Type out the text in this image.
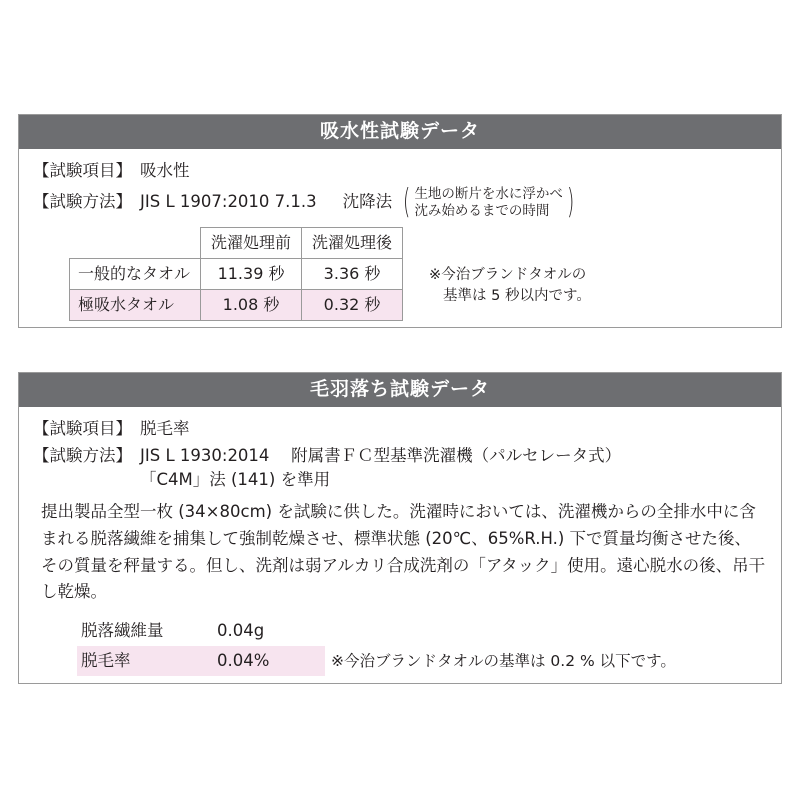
吸水性試験データ
【試験項目】 吸水性
【試験方法】 JIS L 1907:2010 7.1.3 沈降法 ( 生地の断片を水に浮かべ
沈み始めるまでの時間 )
	洗濯処理前	洗濯処理後
一般的なタオル	11.39 秒	3.36 秒
極吸水タオル	1.08 秒	0.32 秒
※今治ブランドタオルの
基準は 5 秒以内です。
毛羽落ち試験データ
【試験項目】 脱毛率
【試験方法】 JIS L 1930:2014　 附属書ＦＣ型基準洗濯機（パルセレータ式）
「C4M」法 (141) を準用
提出製品全型一枚 (34×80cm) を試験に供した。洗濯時においては、洗濯機からの全排水中に含まれる脱落繊維を捕集して強制乾燥させ、標準状態 (20℃、65%R.H.) 下で質量均衡させた後、その質量を秤量する。但し、洗剤は弱アルカリ合成洗剤の「アタック」使用。遠心脱水の後、吊干し乾燥。
脱落繊維量	0.04g
脱毛率	0.04%	※今治ブランドタオルの基準は 0.2 % 以下です。
